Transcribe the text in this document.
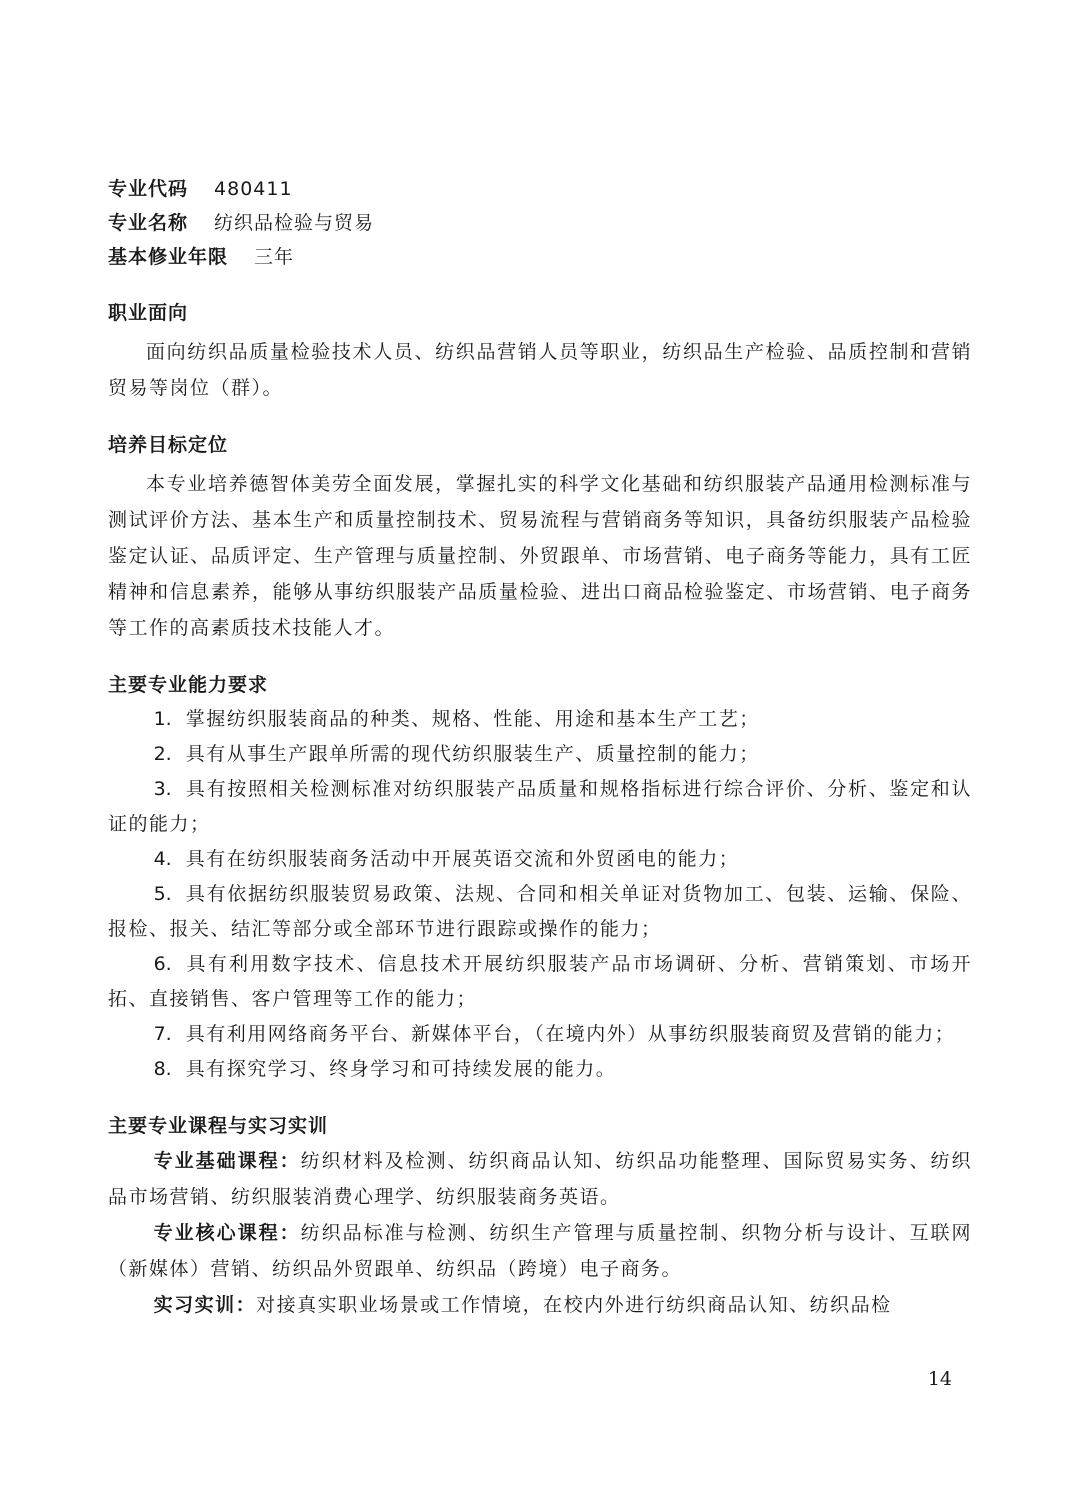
专业代码 480411
专业名称 纺织品检验与贸易
基本修业年限 三年
职业面向
面向纺织品质量检验技术人员、纺织品营销人员等职业，纺织品生产检验、品质控制和营销贸易等岗位（群）。
培养目标定位
本专业培养德智体美劳全面发展，掌握扎实的科学文化基础和纺织服装产品通用检测标准与测试评价方法、基本生产和质量控制技术、贸易流程与营销商务等知识，具备纺织服装产品检验鉴定认证、品质评定、生产管理与质量控制、外贸跟单、市场营销、电子商务等能力，具有工匠精神和信息素养，能够从事纺织服装产品质量检验、进出口商品检验鉴定、市场营销、电子商务等工作的高素质技术技能人才。
主要专业能力要求
1. 掌握纺织服装商品的种类、规格、性能、用途和基本生产工艺；
2. 具有从事生产跟单所需的现代纺织服装生产、质量控制的能力；
3. 具有按照相关检测标准对纺织服装产品质量和规格指标进行综合评价、分析、鉴定和认证的能力；
4. 具有在纺织服装商务活动中开展英语交流和外贸函电的能力；
5. 具有依据纺织服装贸易政策、法规、合同和相关单证对货物加工、包装、运输、保险、报检、报关、结汇等部分或全部环节进行跟踪或操作的能力；
6. 具有利用数字技术、信息技术开展纺织服装产品市场调研、分析、营销策划、市场开拓、直接销售、客户管理等工作的能力；
7. 具有利用网络商务平台、新媒体平台，（在境内外）从事纺织服装商贸及营销的能力；
8. 具有探究学习、终身学习和可持续发展的能力。
主要专业课程与实习实训
专业基础课程：纺织材料及检测、纺织商品认知、纺织品功能整理、国际贸易实务、纺织品市场营销、纺织服装消费心理学、纺织服装商务英语。
专业核心课程：纺织品标准与检测、纺织生产管理与质量控制、织物分析与设计、互联网（新媒体）营销、纺织品外贸跟单、纺织品（跨境）电子商务。
实习实训：对接真实职业场景或工作情境，在校内外进行纺织商品认知、纺织品检
14
